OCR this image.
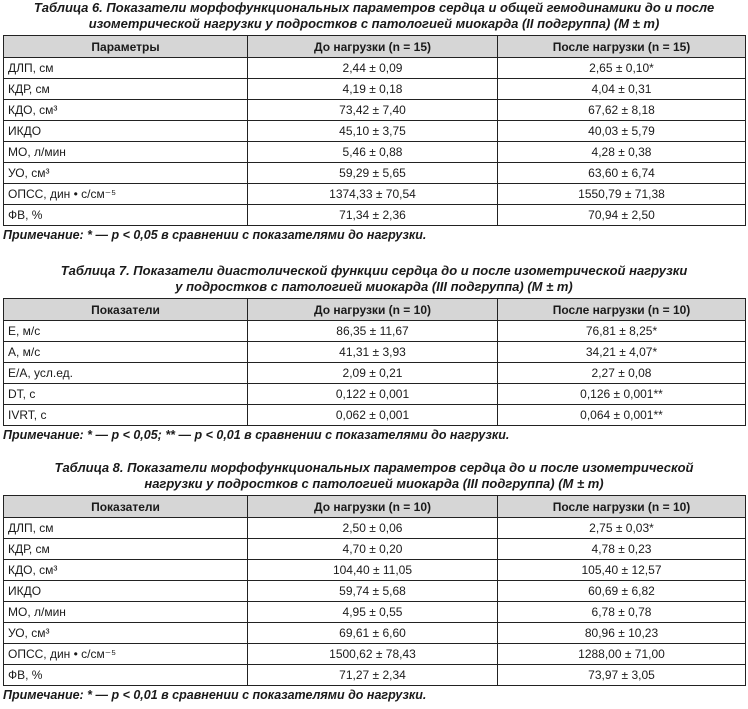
Таблица 6. Показатели морфофункциональных параметров сердца и общей гемодинамики до и после
изометрической нагрузки у подростков с патологией миокарда (II подгруппа) (M ± m)
Параметры	До нагрузки (n = 15)	После нагрузки (n = 15)
ДЛП, см	2,44 ± 0,09	2,65 ± 0,10*
КДР, см	4,19 ± 0,18	4,04 ± 0,31
КДО, см³	73,42 ± 7,40	67,62 ± 8,18
ИКДО	45,10 ± 3,75	40,03 ± 5,79
МО, л/мин	5,46 ± 0,88	4,28 ± 0,38
УО, см³	59,29 ± 5,65	63,60 ± 6,74
ОПСС, дин • с/см⁻⁵	1374,33 ± 70,54	1550,79 ± 71,38
ФВ, %	71,34 ± 2,36	70,94 ± 2,50
Примечание: * — p < 0,05 в сравнении с показателями до нагрузки.
Таблица 7. Показатели диастолической функции сердца до и после изометрической нагрузки
у подростков с патологией миокарда (III подгруппа) (M ± m)
Показатели	До нагрузки (n = 10)	После нагрузки (n = 10)
E, м/с	86,35 ± 11,67	76,81 ± 8,25*
A, м/с	41,31 ± 3,93	34,21 ± 4,07*
E/A, усл.ед.	2,09 ± 0,21	2,27 ± 0,08
DT, с	0,122 ± 0,001	0,126 ± 0,001**
IVRT, с	0,062 ± 0,001	0,064 ± 0,001**
Примечание: * — p < 0,05; ** — p < 0,01 в сравнении с показателями до нагрузки.
Таблица 8. Показатели морфофункциональных параметров сердца до и после изометрической
нагрузки у подростков с патологией миокарда (III подгруппа) (M ± m)
Показатели	До нагрузки (n = 10)	После нагрузки (n = 10)
ДЛП, см	2,50 ± 0,06	2,75 ± 0,03*
КДР, см	4,70 ± 0,20	4,78 ± 0,23
КДО, см³	104,40 ± 11,05	105,40 ± 12,57
ИКДО	59,74 ± 5,68	60,69 ± 6,82
МО, л/мин	4,95 ± 0,55	6,78 ± 0,78
УО, см³	69,61 ± 6,60	80,96 ± 10,23
ОПСС, дин • с/см⁻⁵	1500,62 ± 78,43	1288,00 ± 71,00
ФВ, %	71,27 ± 2,34	73,97 ± 3,05
Примечание: * — p < 0,01 в сравнении с показателями до нагрузки.
